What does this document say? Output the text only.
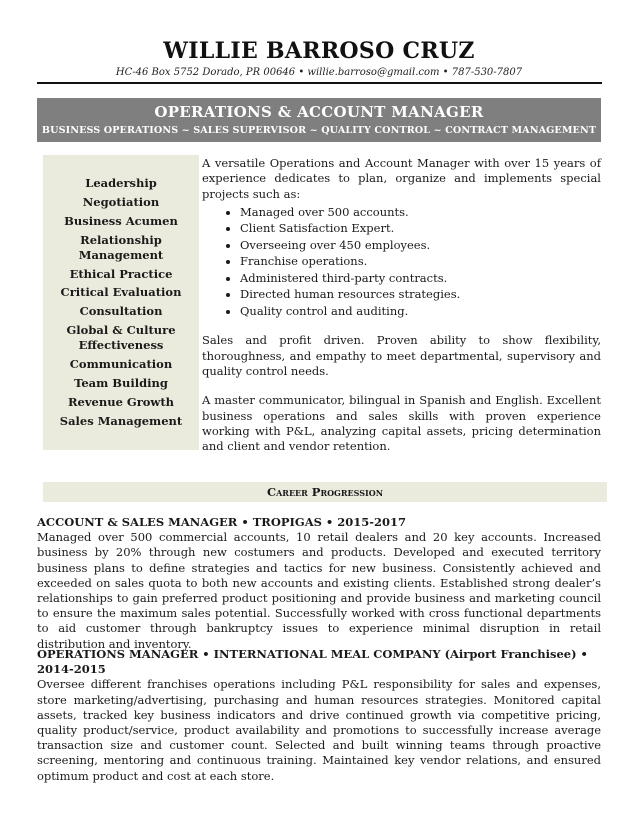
WILLIE BARROSO CRUZ
HC-46 Box 5752 Dorado, PR 00646 • willie.barroso@gmail.com • 787-530-7807
OPERATIONS & ACCOUNT MANAGER
BUSINESS OPERATIONS ~ SALES SUPERVISOR ~ QUALITY CONTROL ~ CONTRACT MANAGEMENT
Leadership
Negotiation
Business Acumen
Relationship Management
Ethical Practice
Critical Evaluation
Consultation
Global & Culture Effectiveness
Communication
Team Building
Revenue Growth
Sales Management

A versatile Operations and Account Manager with over 15 years of experience dedicates to plan, organize and implements special projects such as:

• Managed over 500 accounts.
• Client Satisfaction Expert.
• Overseeing over 450 employees.
• Franchise operations.
• Administered third-party contracts.
• Directed human resources strategies.
• Quality control and auditing.

Sales and profit driven. Proven ability to show flexibility, thoroughness, and empathy to meet departmental, supervisory and quality control needs.

A master communicator, bilingual in Spanish and English. Excellent business operations and sales skills with proven experience working with P&L, analyzing capital assets, pricing determination and client and vendor retention.

Career Progression
ACCOUNT & SALES MANAGER • TROPIGAS • 2015-2017

Managed over 500 commercial accounts, 10 retail dealers and 20 key accounts. Increased business by 20% through new costumers and products. Developed and executed territory business plans to define strategies and tactics for new business. Consistently achieved and exceeded on sales quota to both new accounts and existing clients. Established strong dealer’s relationships to gain preferred product positioning and provide business and marketing council to ensure the maximum sales potential. Successfully worked with cross functional departments to aid customer through bankruptcy issues to experience minimal disruption in retail distribution and inventory.

OPERATIONS MANAGER • INTERNATIONAL MEAL COMPANY (Airport Franchisee) • 2014-2015

Oversee different franchises operations including P&L responsibility for sales and expenses, store marketing/advertising, purchasing and human resources strategies. Monitored capital assets, tracked key business indicators and drive continued growth via competitive pricing, quality product/service, product availability and promotions to successfully increase average transaction size and customer count. Selected and built winning teams through proactive screening, mentoring and continuous training. Maintained key vendor relations, and ensured optimum product and cost at each store.
